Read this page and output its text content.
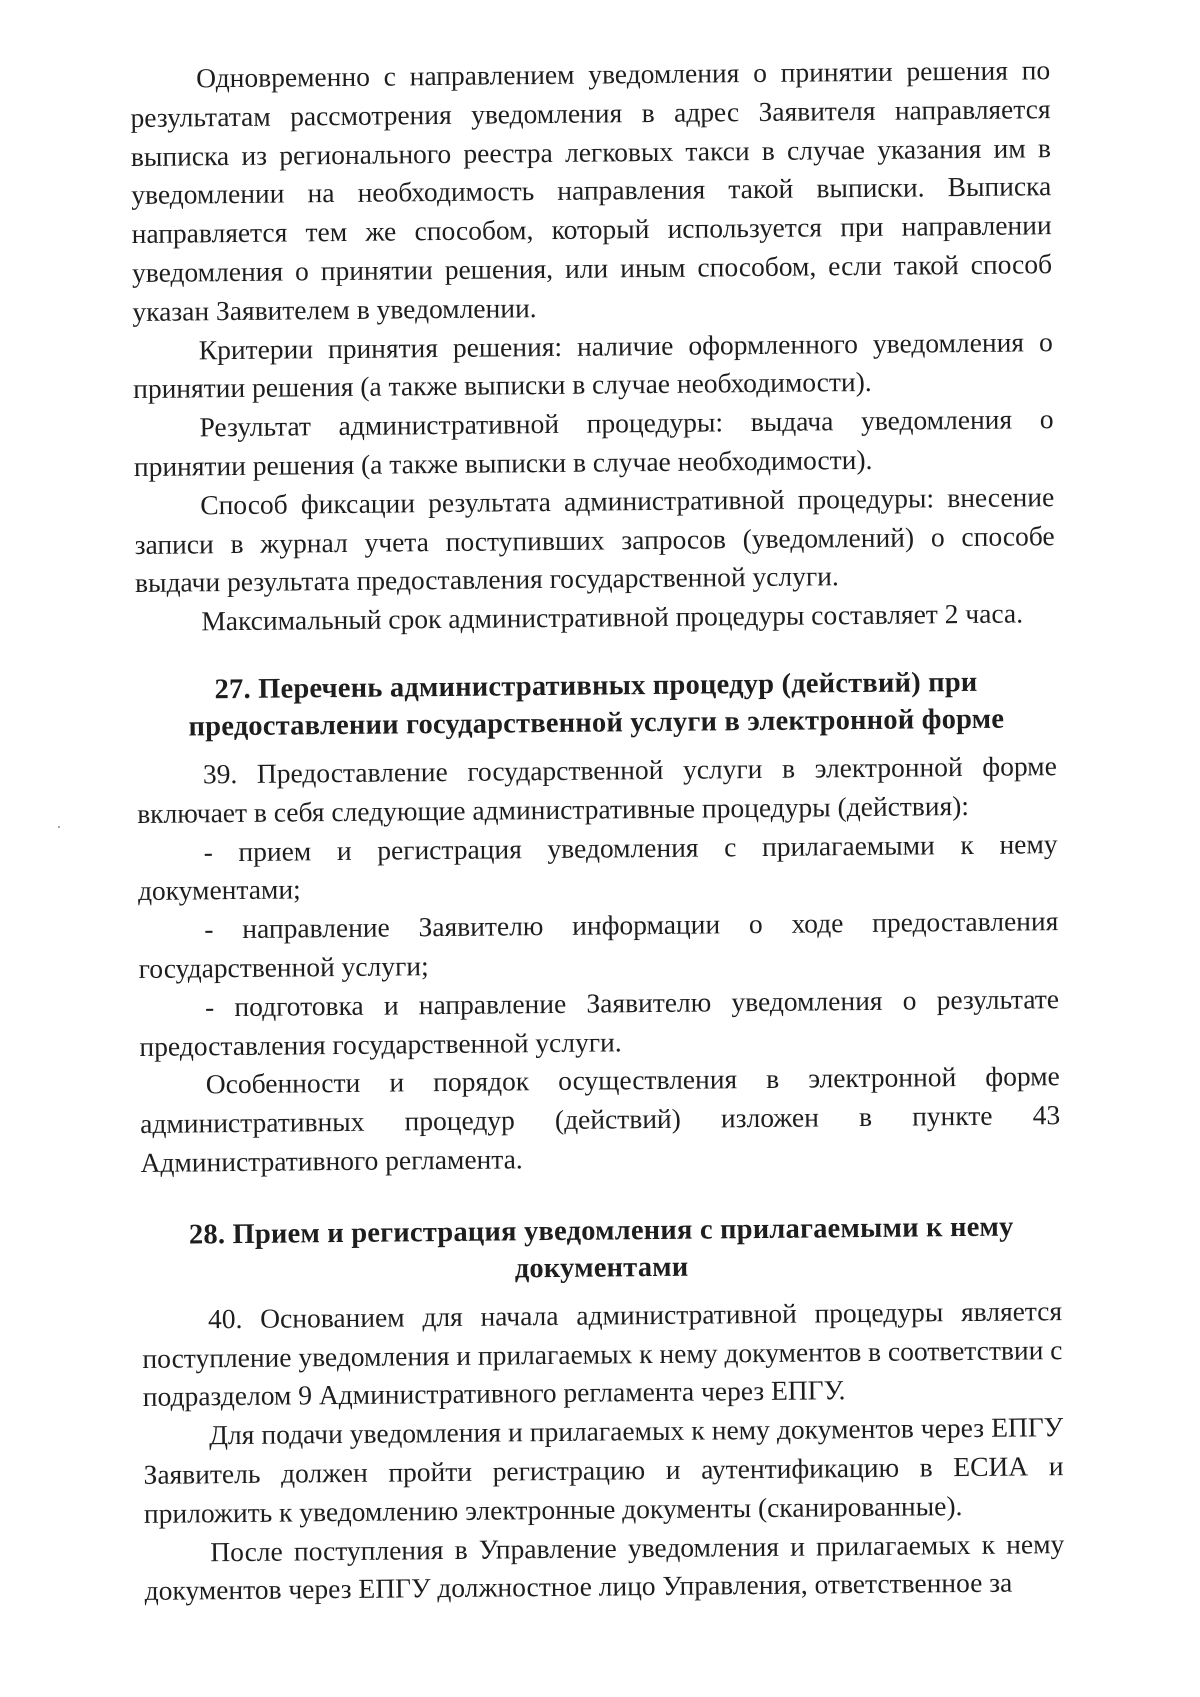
Одновременно с направлением уведомления о принятии решения по результатам рассмотрения уведомления в адрес Заявителя направляется выписка из регионального реестра легковых такси в случае указания им в уведомлении на необходимость направления такой выписки. Выписка направляется тем же способом, который используется при направлении уведомления о принятии решения, или иным способом, если такой способ указан Заявителем в уведомлении.

Критерии принятия решения: наличие оформленного уведомления о принятии решения (а также выписки в случае необходимости).

Результат административной процедуры: выдача уведомления о принятии решения (а также выписки в случае необходимости).

Способ фиксации результата административной процедуры: внесение записи в журнал учета поступивших запросов (уведомлений) о способе выдачи результата предоставления государственной услуги.

Максимальный срок административной процедуры составляет 2 часа.

27. Перечень административных процедур (действий) при

предоставлении государственной услуги в электронной форме

39. Предоставление государственной услуги в электронной форме включает в себя следующие административные процедуры (действия):

- прием и регистрация уведомления с прилагаемыми к нему документами;

- направление Заявителю информации о ходе предоставления государственной услуги;

- подготовка и направление Заявителю уведомления о результате предоставления государственной услуги.

Особенности и порядок осуществления в электронной форме административных процедур (действий) изложен в пункте 43 Административного регламента.

28. Прием и регистрация уведомления с прилагаемыми к нему

документами

40. Основанием для начала административной процедуры является поступление уведомления и прилагаемых к нему документов в соответствии с подразделом 9 Административного регламента через ЕПГУ.

Для подачи уведомления и прилагаемых к нему документов через ЕПГУ Заявитель должен пройти регистрацию и аутентификацию в ЕСИА и приложить к уведомлению электронные документы (сканированные).

После поступления в Управление уведомления и прилагаемых к нему документов через ЕПГУ должностное лицо Управления, ответственное за
